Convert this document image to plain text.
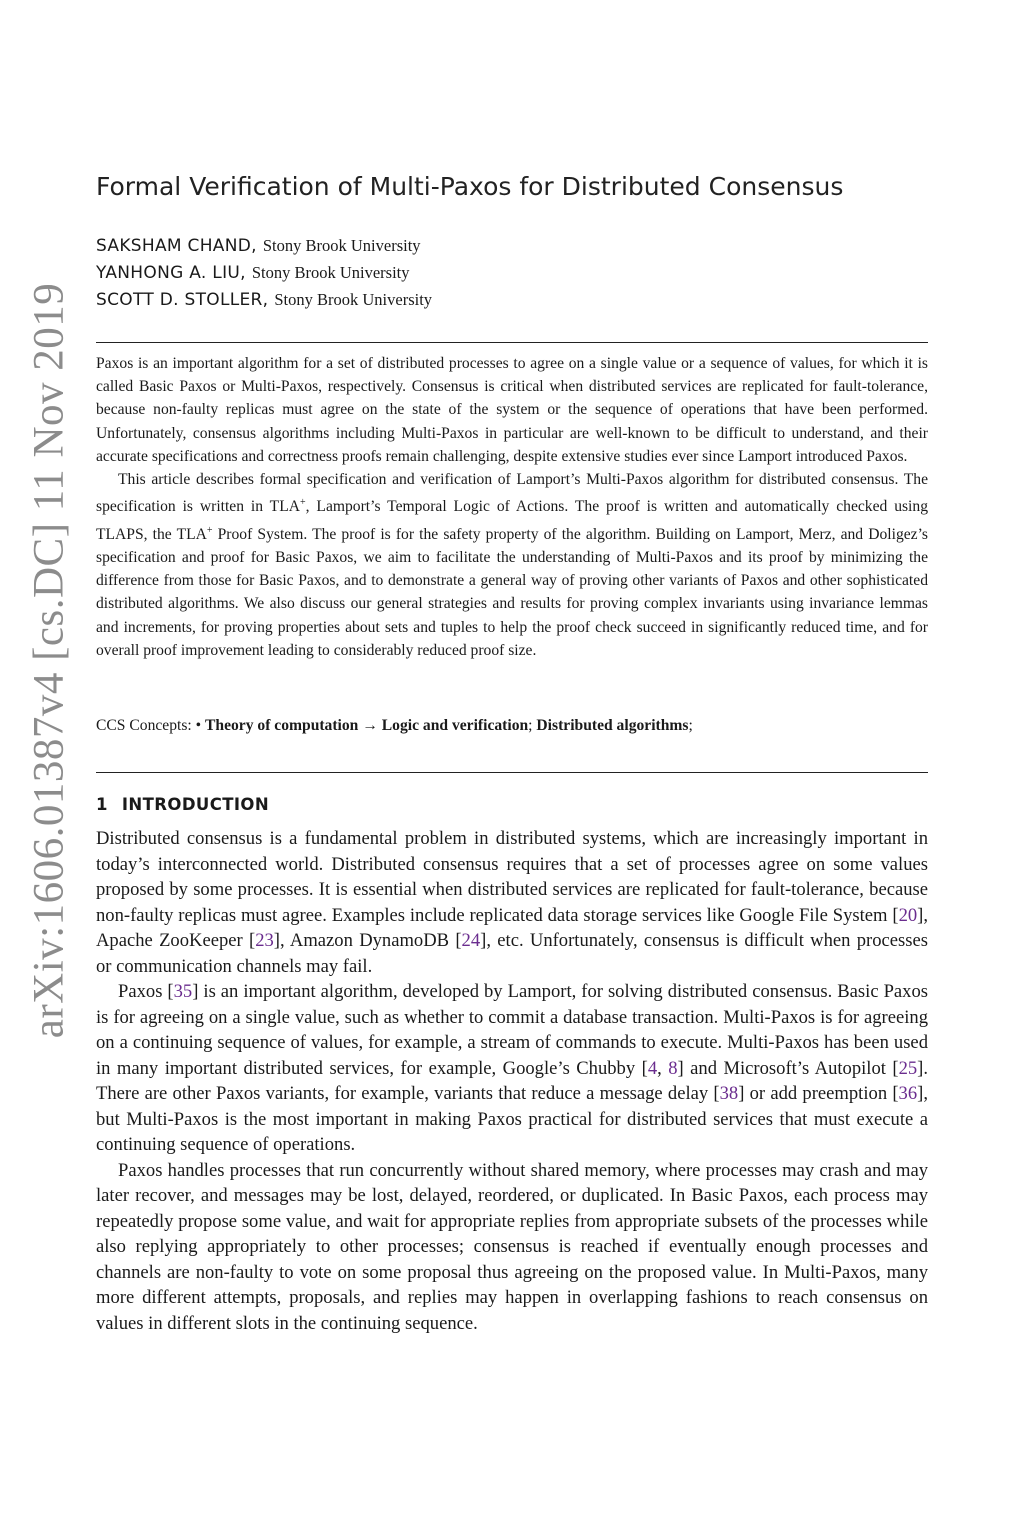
arXiv:1606.01387v4 [cs.DC] 11 Nov 2019
Formal Verification of Multi-Paxos for Distributed Consensus
SAKSHAM CHAND, Stony Brook University
YANHONG A. LIU, Stony Brook University
SCOTT D. STOLLER, Stony Brook University

Paxos is an important algorithm for a set of distributed processes to agree on a single value or a sequence of values, for which it is called Basic Paxos or Multi-Paxos, respectively. Consensus is critical when distributed services are replicated for fault-tolerance, because non-faulty replicas must agree on the state of the system or the sequence of operations that have been performed. Unfortunately, consensus algorithms including Multi-Paxos in particular are well-known to be difficult to understand, and their accurate specifications and correctness proofs remain challenging, despite extensive studies ever since Lamport introduced Paxos.

This article describes formal specification and verification of Lamport’s Multi-Paxos algorithm for distributed consensus. The specification is written in TLA+, Lamport’s Temporal Logic of Actions. The proof is written and automatically checked using TLAPS, the TLA+ Proof System. The proof is for the safety property of the algorithm. Building on Lamport, Merz, and Doligez’s specification and proof for Basic Paxos, we aim to facilitate the understanding of Multi-Paxos and its proof by minimizing the difference from those for Basic Paxos, and to demonstrate a general way of proving other variants of Paxos and other sophisticated distributed algorithms. We also discuss our general strategies and results for proving complex invariants using invariance lemmas and increments, for proving properties about sets and tuples to help the proof check succeed in significantly reduced time, and for overall proof improvement leading to considerably reduced proof size.

CCS Concepts: • Theory of computation → Logic and verification; Distributed algorithms;
1 INTRODUCTION

Distributed consensus is a fundamental problem in distributed systems, which are increasingly important in today’s interconnected world. Distributed consensus requires that a set of processes agree on some values proposed by some processes. It is essential when distributed services are replicated for fault-tolerance, because non-faulty replicas must agree. Examples include replicated data storage services like Google File System [20], Apache ZooKeeper [23], Amazon DynamoDB [24], etc. Unfortunately, consensus is difficult when processes or communication channels may fail.

Paxos [35] is an important algorithm, developed by Lamport, for solving distributed consensus. Basic Paxos is for agreeing on a single value, such as whether to commit a database transaction. Multi-Paxos is for agreeing on a continuing sequence of values, for example, a stream of commands to execute. Multi-Paxos has been used in many important distributed services, for example, Google’s Chubby [4, 8] and Microsoft’s Autopilot [25]. There are other Paxos variants, for example, variants that reduce a message delay [38] or add preemption [36], but Multi-Paxos is the most important in making Paxos practical for distributed services that must execute a continuing sequence of operations.

Paxos handles processes that run concurrently without shared memory, where processes may crash and may later recover, and messages may be lost, delayed, reordered, or duplicated. In Basic Paxos, each process may repeatedly propose some value, and wait for appropriate replies from appropriate subsets of the processes while also replying appropriately to other processes; consensus is reached if eventually enough processes and channels are non-faulty to vote on some proposal thus agreeing on the proposed value. In Multi-Paxos, many more different attempts, proposals, and replies may happen in overlapping fashions to reach consensus on values in different slots in the continuing sequence.
